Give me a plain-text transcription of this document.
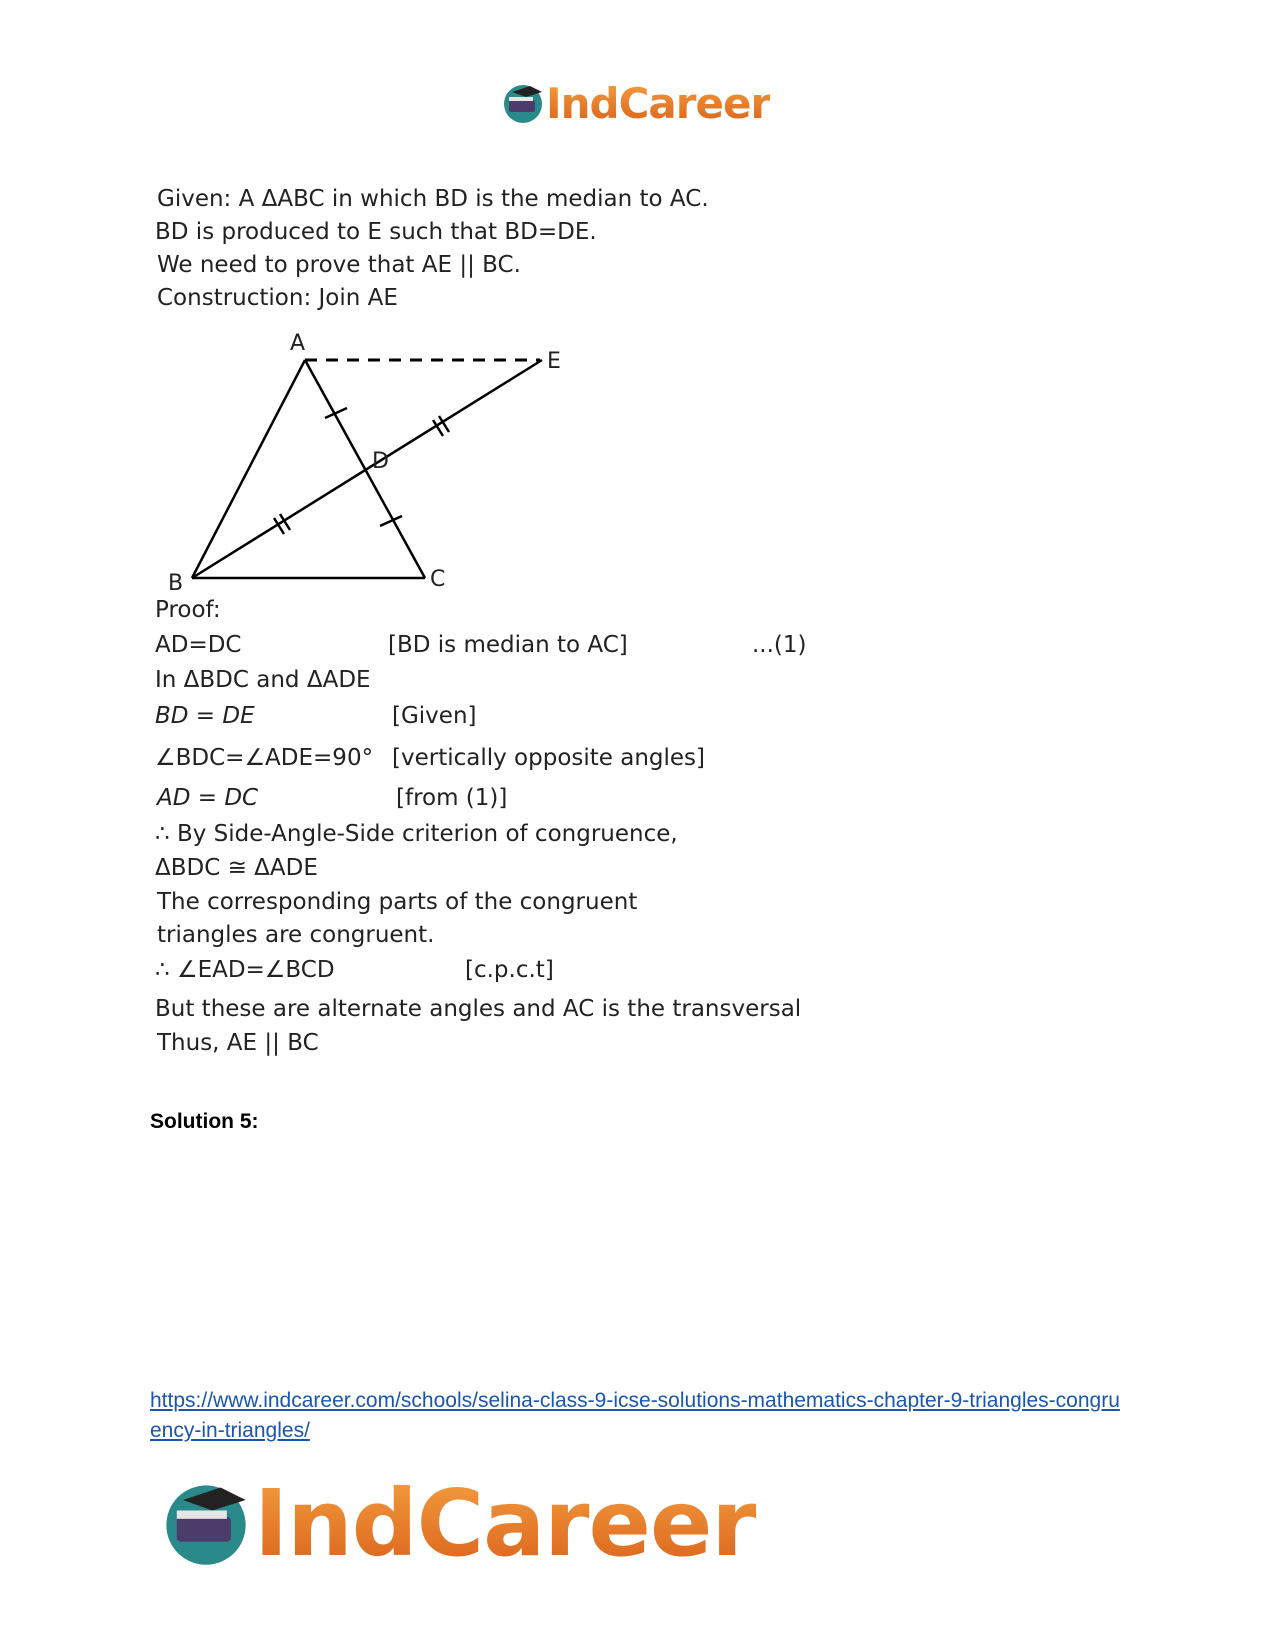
IndCareer
Given: A ΔABC in which BD is the median to AC.
BD is produced to E such that BD=DE.
We need to prove that AE || BC.
Construction: Join AE
A
E
D
B	C
Proof:
AD=DC	[BD is median to AC]	...(1)
In ΔBDC and ΔADE
BD = DE	[Given]
∠BDC=∠ADE=90° [vertically opposite angles]
AD = DC	[from (1)]
∴ By Side-Angle-Side criterion of congruence,
ΔBDC ≅ ΔADE
The corresponding parts of the congruent
triangles are congruent.
∴ ∠EAD=∠BCD	[c.p.c.t]
But these are alternate angles and AC is the transversal
Thus, AE || BC
Solution 5:
https://www.indcareer.com/schools/selina-class-9-icse-solutions-mathematics-chapter-9-triangles-congruency-in-triangles/
IndCareer
